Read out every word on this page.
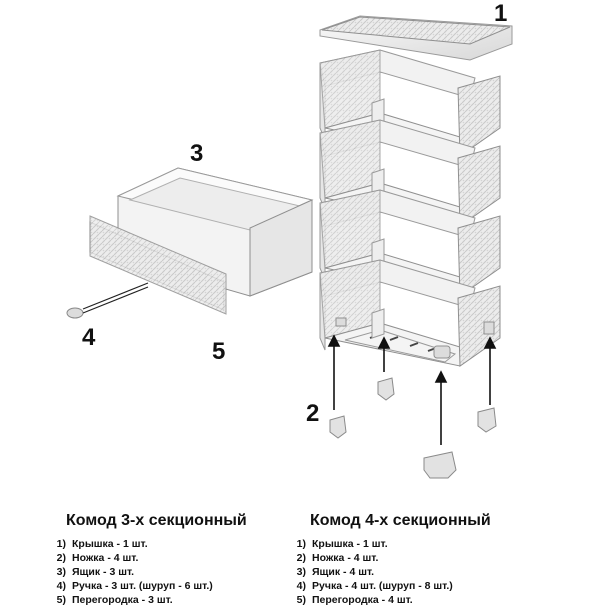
1
2
3
4
5
Комод 3-х секционный
1) Крышка - 1 шт.
2) Ножка - 4 шт.
3) Ящик - 3 шт.
4) Ручка - 3 шт. (шуруп - 6 шт.)
5) Перегородка - 3 шт.
Комод 4-х секционный
1) Крышка - 1 шт.
2) Ножка - 4 шт.
3) Ящик - 4 шт.
4) Ручка - 4 шт. (шуруп - 8 шт.)
5) Перегородка - 4 шт.
